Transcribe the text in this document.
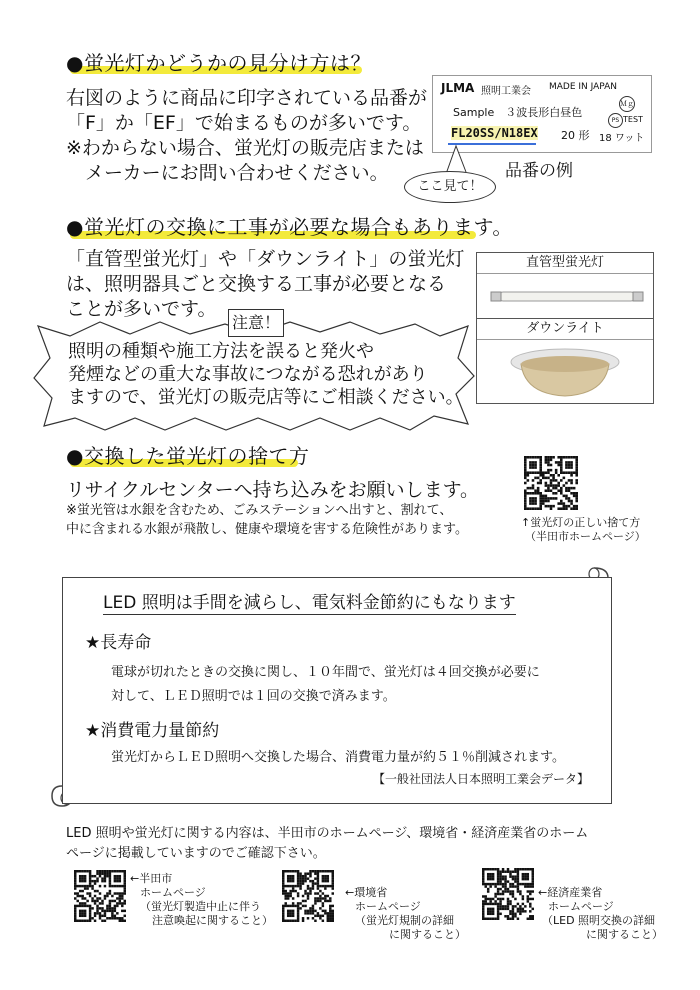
●蛍光灯かどうかの見分け方は？
右図のように商品に印字されている品番が
「F」か「EF」で始まるものが多いです。
※わからない場合、蛍光灯の販売店または
　メーカーにお問い合わせください。
JLMA 照明工業会 MADE IN JAPAN
Sample　３波長形白昼色
FL20SS/N18EX 20 形 18 ワット
Ｍｇ
PS TEST
ここ見て！
品番の例
●蛍光灯の交換に工事が必要な場合もあります。
「直管型蛍光灯」や「ダウンライト」の蛍光灯
は、照明器具ごと交換する工事が必要となる
ことが多いです。
直管型蛍光灯
ダウンライト
注意！
照明の種類や施工方法を誤ると発火や
発煙などの重大な事故につながる恐れがあり
ますので、蛍光灯の販売店等にご相談ください。
●交換した蛍光灯の捨て方
リサイクルセンターへ持ち込みをお願いします。
※蛍光管は水銀を含むため、ごみステーションへ出すと、割れて、
中に含まれる水銀が飛散し、健康や環境を害する危険性があります。	↑蛍光灯の正しい捨て方
（半田市ホームページ）
LED 照明は手間を減らし、電気料金節約にもなります
★長寿命
電球が切れたときの交換に関し、１０年間で、蛍光灯は４回交換が必要に
対して、ＬＥＤ照明では１回の交換で済みます。
★消費電力量節約
蛍光灯からＬＥＤ照明へ交換した場合、消費電力量が約５１％削減されます。
【一般社団法人日本照明工業会データ】
LED 照明や蛍光灯に関する内容は、半田市のホームページ、環境省・経済産業省のホーム
ページに掲載していますのでご確認下さい。
←半田市
ホームページ
（蛍光灯製造中止に伴う
注意喚起に関すること）
←環境省
ホームページ
（蛍光灯規制の詳細
に関すること）
←経済産業省
ホームページ
（LED 照明交換の詳細
に関すること）
